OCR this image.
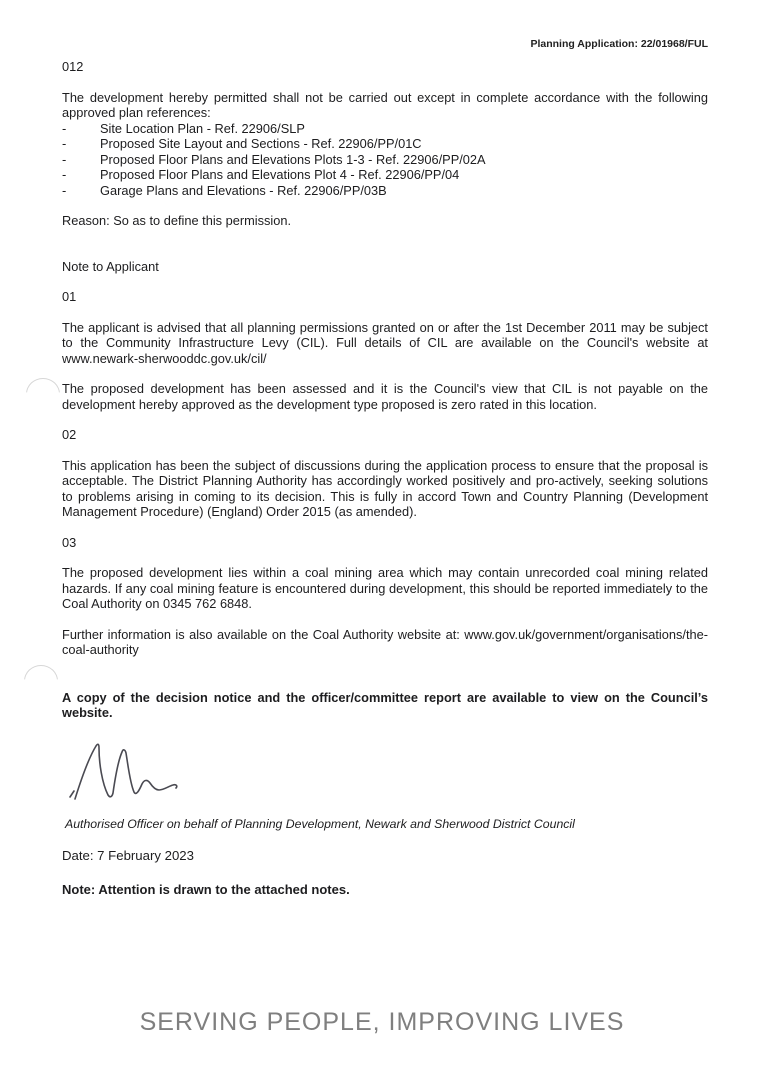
Planning Application: 22/01968/FUL

012

The development hereby permitted shall not be carried out except in complete accordance with the following approved plan references:

-	Site Location Plan - Ref. 22906/SLP
-	Proposed Site Layout and Sections - Ref. 22906/PP/01C
-	Proposed Floor Plans and Elevations Plots 1-3 - Ref. 22906/PP/02A
-	Proposed Floor Plans and Elevations Plot 4 - Ref. 22906/PP/04
-	Garage Plans and Elevations - Ref. 22906/PP/03B

Reason: So as to define this permission.

Note to Applicant

01

The applicant is advised that all planning permissions granted on or after the 1st December 2011 may be subject to the Community Infrastructure Levy (CIL). Full details of CIL are available on the Council's website at www.newark-sherwooddc.gov.uk/cil/

The proposed development has been assessed and it is the Council's view that CIL is not payable on the development hereby approved as the development type proposed is zero rated in this location.

02

This application has been the subject of discussions during the application process to ensure that the proposal is acceptable. The District Planning Authority has accordingly worked positively and pro-actively, seeking solutions to problems arising in coming to its decision. This is fully in accord Town and Country Planning (Development Management Procedure) (England) Order 2015 (as amended).

03

The proposed development lies within a coal mining area which may contain unrecorded coal mining related hazards. If any coal mining feature is encountered during development, this should be reported immediately to the Coal Authority on 0345 762 6848.

Further information is also available on the Coal Authority website at: www.gov.uk/government/organisations/the-coal-authority

A copy of the decision notice and the officer/committee report are available to view on the Council’s website.

Authorised Officer on behalf of Planning Development, Newark and Sherwood District Council

Date: 7 February 2023

Note: Attention is drawn to the attached notes.

SERVING PEOPLE, IMPROVING LIVES
